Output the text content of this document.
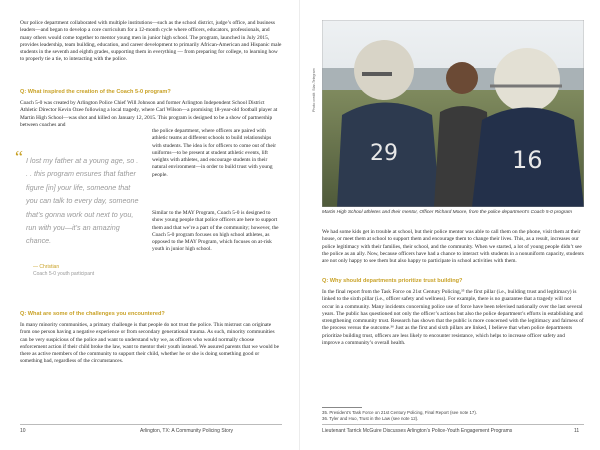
Our police department collaborated with multiple institutions—such as the school district, judge’s office, and business leaders—and began to develop a core curriculum for a 12-month cycle where officers, educators, professionals, and many others would come together to mentor young men in junior high school. The program, launched in July 2015, provides leadership, team building, education, and career development to primarily African-American and Hispanic male students in the seventh and eighth grades, supporting them in everything — from preparing for college, to learning how to properly tie a tie, to interacting with the police.

Q: What inspired the creation of the Coach 5-0 program?

Coach 5-0 was created by Arlington Police Chief Will Johnson and former Arlington Independent School District Athletic Director Kevin Ozee following a local tragedy, where Carl Wilson—a promising 18-year-old football player at Martin High School—was shot and killed on January 12, 2015. This program is designed to be a show of partnership between coaches and

“ I lost my father at a young age, so . . . this program ensures that father figure [in] your life, someone that you can talk to every day, someone that’s gonna work out next to you, run with you—it’s an amazing chance.

— Christian
Coach 5-0 youth participant

the police department, where officers are paired with athletic teams at different schools to build relationships with students. The idea is for officers to come out of their uniforms—to be present at student athletic events, lift weights with athletes, and encourage students in their natural environment—in order to build trust with young people.

Similar to the MAY Program, Coach 5-0 is designed to show young people that police officers are here to support them and that we’re a part of the community; however, the Coach 5-0 program focuses on high school athletes, as opposed to the MAY Program, which focuses on at-risk youth in junior high school.

Q: What are some of the challenges you encountered?

In many minority communities, a primary challenge is that people do not trust the police. This mistrust can originate from one person having a negative experience or from secondary generational trauma. As such, minority communities can be very suspicious of the police and want to understand why we, as officers who would normally choose enforcement action if their child broke the law, want to mentor their youth instead. We assured parents that we would be there as active members of the community to support their child, whether he or she is doing something good or something bad, regardless of the circumstances.

10	Arlington, TX: A Community Policing Story

Photo credit: Star-Telegram
29	16

Martin High School athletes and their mentor, Officer Richard Moore, from the police department’s Coach 5-0 program

We had some kids get in trouble at school, but their police mentor was able to call them on the phone, visit them at their house, or meet them at school to support them and encourage them to change their lives. This, as a result, increases our police legitimacy with their families, their school, and the community. When we started, a lot of young people didn’t see the police as an ally. Now, because officers have had a chance to interact with students in a nonuniform capacity, students are not only happy to see them but also happy to participate in school activities with them.

Q: Why should departments prioritize trust building?

In the final report from the Task Force on 21st Century Policing,³⁵ the first pillar (i.e., building trust and legitimacy) is linked to the sixth pillar (i.e., officer safety and wellness). For example, there is no guarantee that a tragedy will not occur in a community. Many incidents concerning police use of force have been televised nationally over the last several years. The public has questioned not only the officer’s actions but also the police department’s efforts in establishing and strengthening community trust. Research has shown that the public is more concerned with the legitimacy and fairness of the process versus the outcome.³⁶ Just as the first and sixth pillars are linked, I believe that when police departments prioritize building trust, officers are less likely to encounter resistance, which helps to increase officer safety and improve a community’s overall health.

35. President’s Task Force on 21st Century Policing, Final Report (see note 17).

36. Tyler and Huo, Trust in the Law (see note 12).

Lieutenant Tarrick McGuire Discusses Arlington’s Police-Youth Engagement Programs	11
